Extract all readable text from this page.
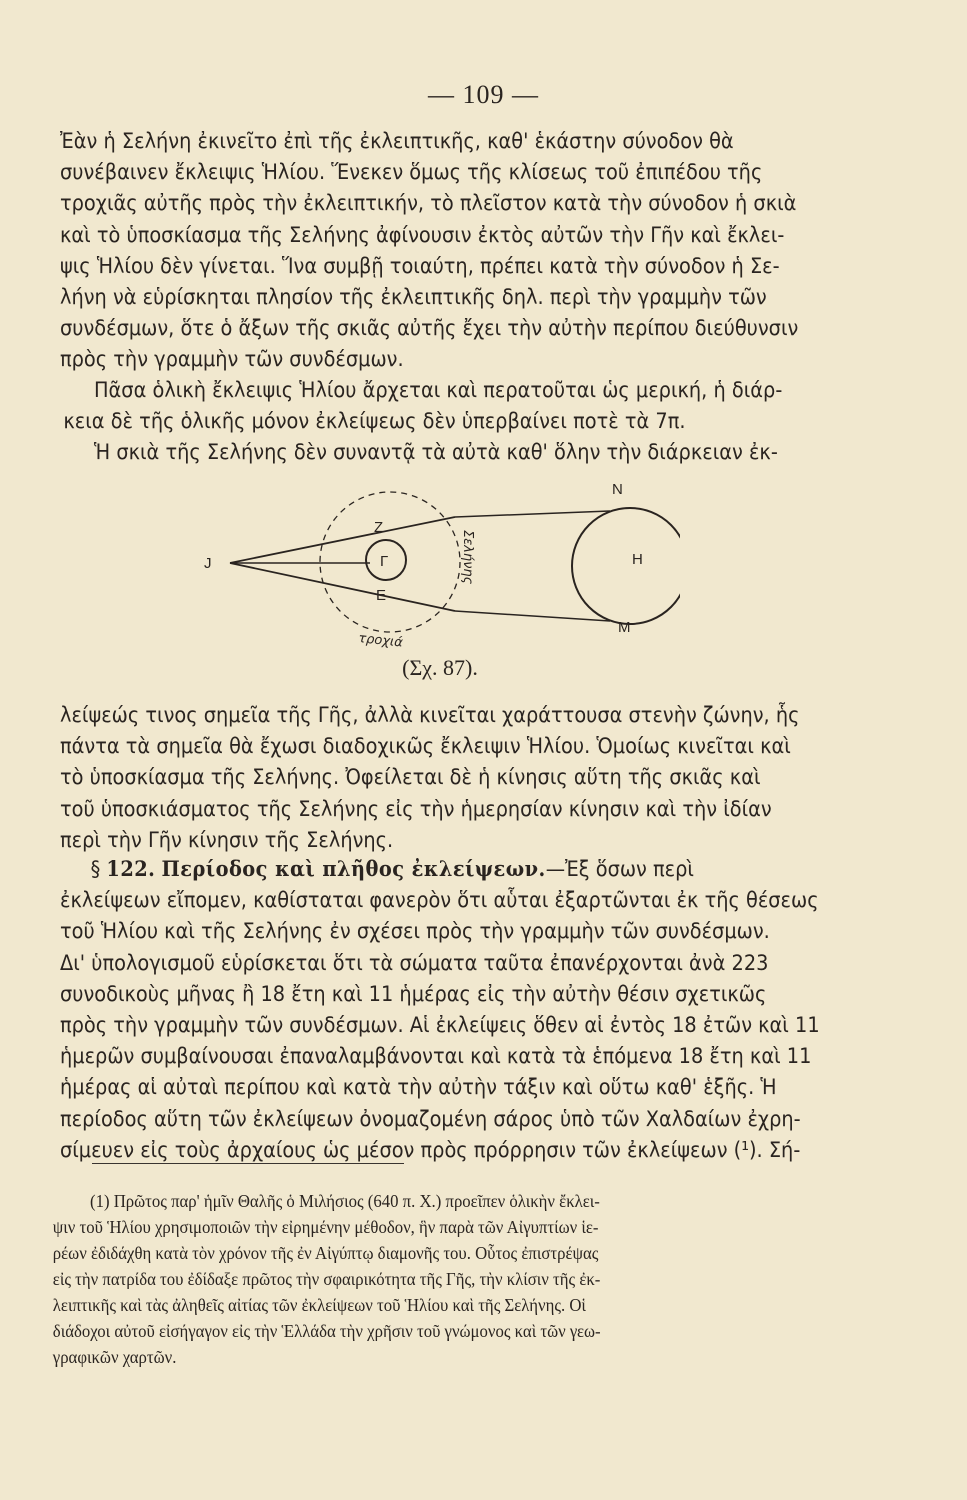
— 109 —
Ἐὰν ἡ Σελήνη ἐκινεῖτο ἐπὶ τῆς ἐκλειπτικῆς, καθ' ἑκάστην σύνοδον θὰ
συνέβαινεν ἔκλειψις Ἡλίου. Ἕνεκεν ὅμως τῆς κλίσεως τοῦ ἐπιπέδου τῆς
τροχιᾶς αὐτῆς πρὸς τὴν ἐκλειπτικήν, τὸ πλεῖστον κατὰ τὴν σύνοδον ἡ σκιὰ
καὶ τὸ ὑποσκίασμα τῆς Σελήνης ἀφίνουσιν ἐκτὸς αὐτῶν τὴν Γῆν καὶ ἔκλει-
ψις Ἡλίου δὲν γίνεται. Ἵνα συμβῇ τοιαύτη, πρέπει κατὰ τὴν σύνοδον ἡ Σε-
λήνη νὰ εὑρίσκηται πλησίον τῆς ἐκλειπτικῆς δηλ. περὶ τὴν γραμμὴν τῶν
συνδέσμων, ὅτε ὁ ἄξων τῆς σκιᾶς αὐτῆς ἔχει τὴν αὐτὴν περίπου διεύθυνσιν
πρὸς τὴν γραμμὴν τῶν συνδέσμων.
Πᾶσα ὁλικὴ ἔκλειψις Ἡλίου ἄρχεται καὶ περατοῦται ὡς μερική, ἡ διάρ-
κεια δὲ τῆς ὁλικῆς μόνον ἐκλείψεως δὲν ὑπερβαίνει ποτὲ τὰ 7π.
Ἡ σκιὰ τῆς Σελήνης δὲν συναντᾷ τὰ αὐτὰ καθ' ὅλην τὴν διάρκειαν ἐκ-
J
Z
Γ
E
N
H
M
τροχιά
Σελήνης
(Σχ. 87).
λείψεώς τινος σημεῖα τῆς Γῆς, ἀλλὰ κινεῖται χαράττουσα στενὴν ζώνην, ἧς
πάντα τὰ σημεῖα θὰ ἔχωσι διαδοχικῶς ἔκλειψιν Ἡλίου. Ὁμοίως κινεῖται καὶ
τὸ ὑποσκίασμα τῆς Σελήνης. Ὀφείλεται δὲ ἡ κίνησις αὕτη τῆς σκιᾶς καὶ
τοῦ ὑποσκιάσματος τῆς Σελήνης εἰς τὴν ἡμερησίαν κίνησιν καὶ τὴν ἰδίαν
περὶ τὴν Γῆν κίνησιν τῆς Σελήνης.
§ 122. Περίοδος καὶ πλῆθος ἐκλείψεων.—Ἐξ ὅσων περὶ
ἐκλείψεων εἴπομεν, καθίσταται φανερὸν ὅτι αὗται ἐξαρτῶνται ἐκ τῆς θέσεως
τοῦ Ἡλίου καὶ τῆς Σελήνης ἐν σχέσει πρὸς τὴν γραμμὴν τῶν συνδέσμων.
Δι' ὑπολογισμοῦ εὑρίσκεται ὅτι τὰ σώματα ταῦτα ἐπανέρχονται ἀνὰ 223
συνοδικοὺς μῆνας ἢ 18 ἔτη καὶ 11 ἡμέρας εἰς τὴν αὐτὴν θέσιν σχετικῶς
πρὸς τὴν γραμμὴν τῶν συνδέσμων. Αἱ ἐκλείψεις ὅθεν αἱ ἐντὸς 18 ἐτῶν καὶ 11
ἡμερῶν συμβαίνουσαι ἐπαναλαμβάνονται καὶ κατὰ τὰ ἑπόμενα 18 ἔτη καὶ 11
ἡμέρας αἱ αὐταὶ περίπου καὶ κατὰ τὴν αὐτὴν τάξιν καὶ οὕτω καθ' ἑξῆς. Ἡ
περίοδος αὕτη τῶν ἐκλείψεων ὀνομαζομένη σάρος ὑπὸ τῶν Χαλδαίων ἐχρη-
σίμευεν εἰς τοὺς ἀρχαίους ὡς μέσον πρὸς πρόρρησιν τῶν ἐκλείψεων (¹). Σή-
(1) Πρῶτος παρ' ἡμῖν Θαλῆς ὁ Μιλήσιος (640 π. Χ.) προεῖπεν ὁλικὴν ἔκλει-
ψιν τοῦ Ἡλίου χρησιμοποιῶν τὴν εἰρημένην μέθοδον, ἣν παρὰ τῶν Αἰγυπτίων ἱε-
ρέων ἐδιδάχθη κατὰ τὸν χρόνον τῆς ἐν Αἰγύπτῳ διαμονῆς του. Οὗτος ἐπιστρέψας
εἰς τὴν πατρίδα του ἐδίδαξε πρῶτος τὴν σφαιρικότητα τῆς Γῆς, τὴν κλίσιν τῆς ἐκ-
λειπτικῆς καὶ τὰς ἀληθεῖς αἰτίας τῶν ἐκλείψεων τοῦ Ἡλίου καὶ τῆς Σελήνης. Οἱ
διάδοχοι αὐτοῦ εἰσήγαγον εἰς τὴν Ἑλλάδα τὴν χρῆσιν τοῦ γνώμονος καὶ τῶν γεω-
γραφικῶν χαρτῶν.
